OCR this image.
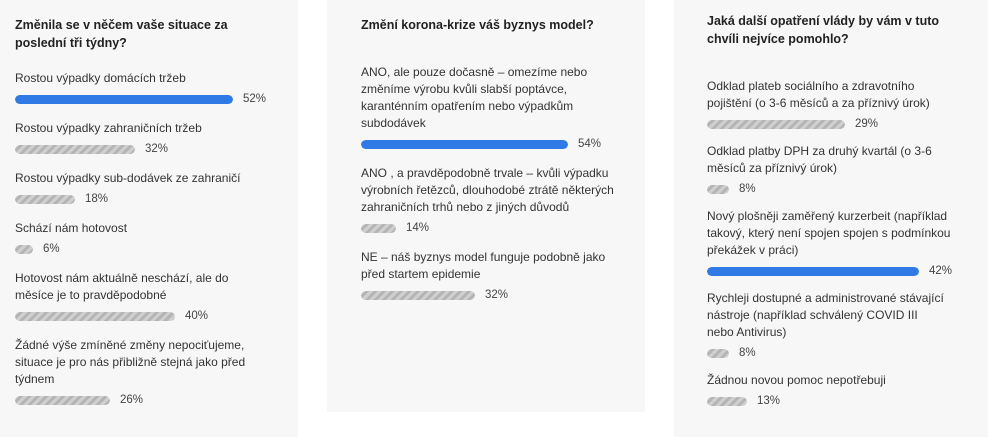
Změnila se v něčem vaše situace za poslední tři týdny?
Rostou výpadky domácích tržeb
52%
Rostou výpadky zahraničních tržeb
32%
Rostou výpadky sub-dodávek ze zahraničí
18%
Schází nám hotovost
6%
Hotovost nám aktuálně neschází, ale do měsíce je to pravděpodobné
40%
Žádné výše zmíněné změny nepociťujeme, situace je pro nás přibližně stejná jako před týdnem
26%
Změní korona-krize váš byznys model?
ANO, ale pouze dočasně – omezíme nebo změníme výrobu kvůli slabší poptávce, karanténním opatřením nebo výpadkům subdodávek
54%
ANO , a pravděpodobně trvale – kvůli výpadku výrobních řetězců, dlouhodobé ztrátě některých zahraničních trhů nebo z jiných důvodů
14%
NE – náš byznys model funguje podobně jako před startem epidemie
32%
Jaká další opatření vlády by vám v tuto chvíli nejvíce pomohlo?
Odklad plateb sociálního a zdravotního pojištění (o 3-6 měsíců a za příznivý úrok)
29%
Odklad platby DPH za druhý kvartál (o 3-6 měsíců za příznivý úrok)
8%
Nový plošněji zaměřený kurzerbeit (například takový, který není spojen spojen s podmínkou překážek v práci)
42%
Rychleji dostupné a administrované stávající nástroje (například schválený COVID III nebo Antivirus)
8%
Žádnou novou pomoc nepotřebuji
13%
